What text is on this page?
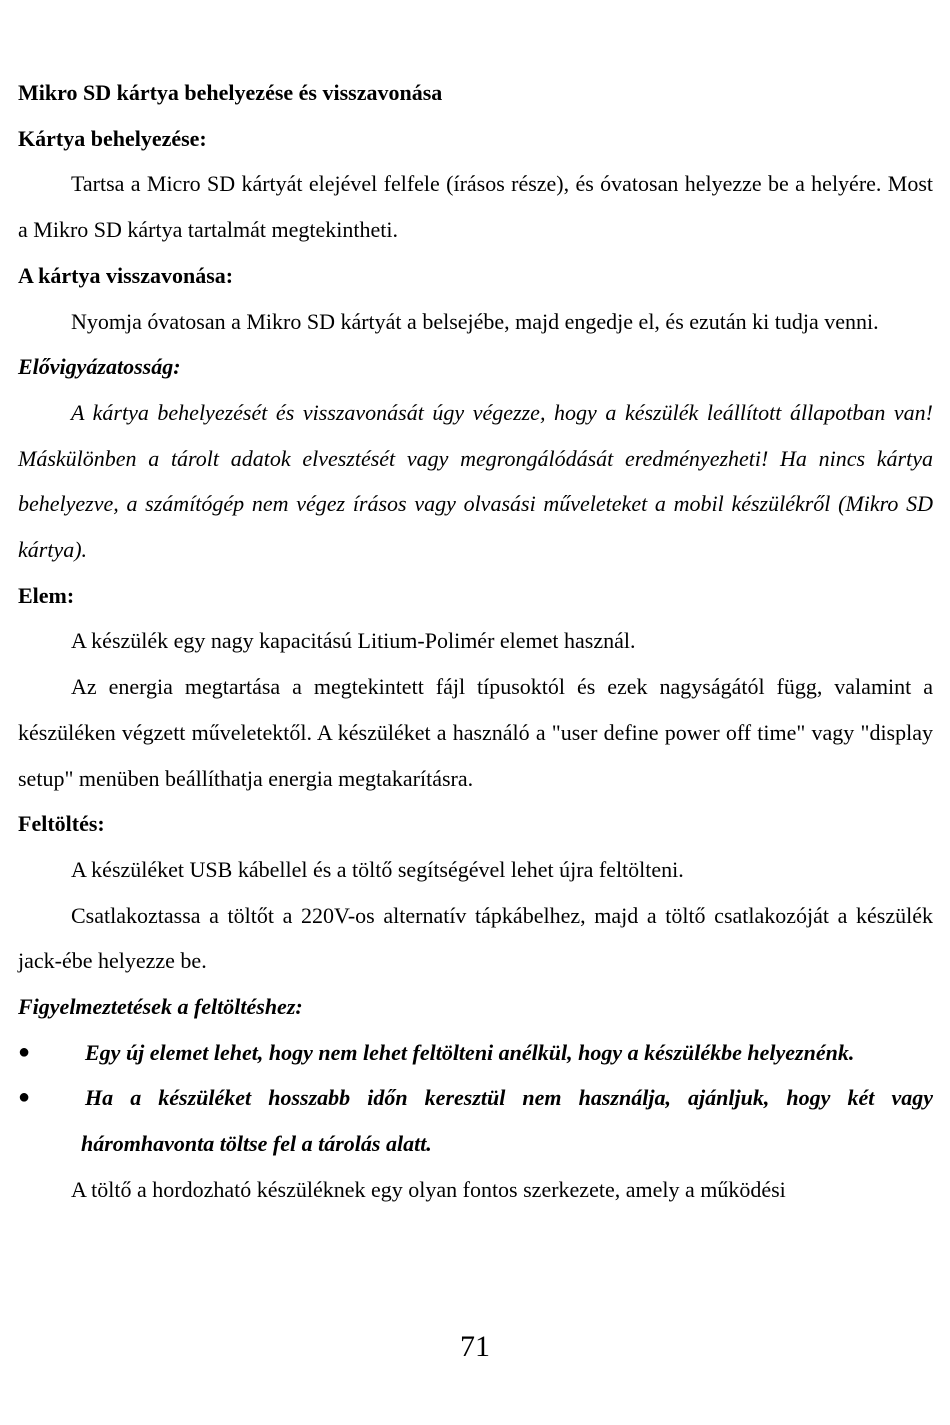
Mikro SD kártya behelyezése és visszavonása

Kártya behelyezése:

Tartsa a Micro SD kártyát elejével felfele (írásos része), és óvatosan helyezze be a helyére. Most a Mikro SD kártya tartalmát megtekintheti.

A kártya visszavonása:

Nyomja óvatosan a Mikro SD kártyát a belsejébe, majd engedje el, és ezután ki tudja venni.

Elővigyázatosság:

A kártya behelyezését és visszavonását úgy végezze, hogy a készülék leállított állapotban van! Máskülönben a tárolt adatok elvesztését vagy megrongálódását eredményezheti! Ha nincs kártya behelyezve, a számítógép nem végez írásos vagy olvasási műveleteket a mobil készülékről (Mikro SD kártya).

Elem:

A készülék egy nagy kapacitású Litium-Polimér elemet használ.

Az energia megtartása a megtekintett fájl típusoktól és ezek nagyságától függ, valamint a készüléken végzett műveletektől. A készüléket a használó a "user define power off time" vagy "display setup" menüben beállíthatja energia megtakarításra.

Feltöltés:

A készüléket USB kábellel és a töltő segítségével lehet újra feltölteni.

Csatlakoztassa a töltőt a 220V-os alternatív tápkábelhez, majd a töltő csatlakozóját a készülék jack-ébe helyezze be.

Figyelmeztetések a feltöltéshez:

●	Egy új elemet lehet, hogy nem lehet feltölteni anélkül, hogy a készülékbe helyeznénk.
●	Ha a készüléket hosszabb időn keresztül nem használja, ajánljuk, hogy két vagy háromhavonta töltse fel a tárolás alatt.

A töltő a hordozható készüléknek egy olyan fontos szerkezete, amely a működési

71
